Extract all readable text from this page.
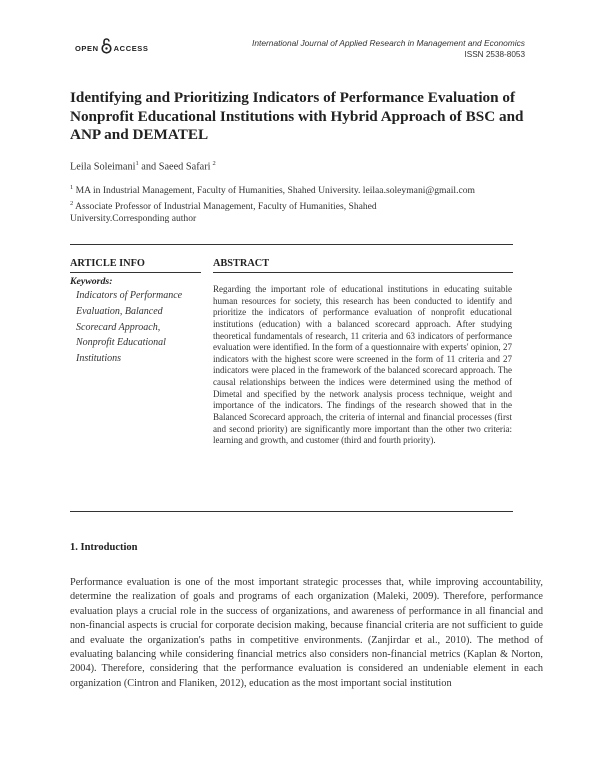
OPEN ACCESS
International Journal of Applied Research in Management and Economics
ISSN 2538-8053
Identifying and Prioritizing Indicators of Performance Evaluation of Nonprofit Educational Institutions with Hybrid Approach of BSC and ANP and DEMATEL
Leila Soleimani$^1$ and Saeed Safari $^2$
$^1$ MA in Industrial Management, Faculty of Humanities, Shahed University. leilaa.soleymani@gmail.com
$^2$ Associate Professor of Industrial Management, Faculty of Humanities, Shahed University.Corresponding author
ARTICLE INFO
Keywords:
Indicators of Performance Evaluation, Balanced Scorecard Approach, Nonprofit Educational Institutions
ABSTRACT
Regarding the important role of educational institutions in educating suitable human resources for society, this research has been conducted to identify and prioritize the indicators of performance evaluation of nonprofit educational institutions (education) with a balanced scorecard approach. After studying theoretical fundamentals of research, 11 criteria and 63 indicators of performance evaluation were identified. In the form of a questionnaire with experts' opinion, 27 indicators with the highest score were screened in the form of 11 criteria and 27 indicators were placed in the framework of the balanced scorecard approach. The causal relationships between the indices were determined using the method of Dimetal and specified by the network analysis process technique, weight and importance of the indicators. The findings of the research showed that in the Balanced Scorecard approach, the criteria of internal and financial processes (first and second priority) are significantly more important than the other two criteria: learning and growth, and customer (third and fourth priority).
1. Introduction
Performance evaluation is one of the most important strategic processes that, while improving accountability, determine the realization of goals and programs of each organization (Maleki, 2009). Therefore, performance evaluation plays a crucial role in the success of organizations, and awareness of performance in all financial and non-financial aspects is crucial for corporate decision making, because financial criteria are not sufficient to guide and evaluate the organization's paths in competitive environments. (Zanjirdar et al., 2010). The method of evaluating balancing while considering financial metrics also considers non-financial metrics (Kaplan & Norton, 2004). Therefore, considering that the performance evaluation is considered an undeniable element in each organization (Cintron and Flaniken, 2012), education as the most important social institution
